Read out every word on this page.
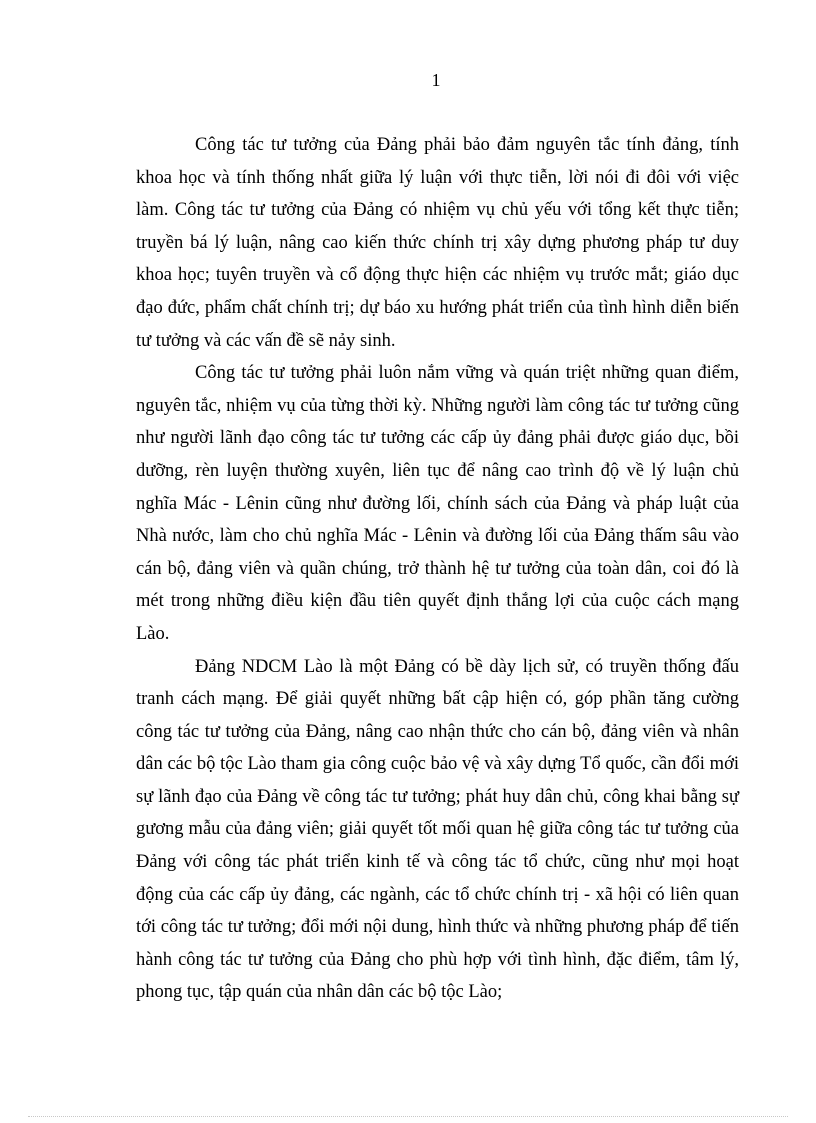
1

Công tác tư tưởng của Đảng phải bảo đảm nguyên tắc tính đảng, tính khoa học và tính thống nhất giữa lý luận với thực tiễn, lời nói đi đôi với việc làm. Công tác tư tưởng của Đảng có nhiệm vụ chủ yếu với tổng kết thực tiễn; truyền bá lý luận, nâng cao kiến thức chính trị xây dựng phương pháp tư duy khoa học; tuyên truyền và cổ động thực hiện các nhiệm vụ trước mắt; giáo dục đạo đức, phẩm chất chính trị; dự báo xu hướng phát triển của tình hình diễn biến tư tưởng và các vấn đề sẽ nảy sinh.

Công tác tư tưởng phải luôn nắm vững và quán triệt những quan điểm, nguyên tắc, nhiệm vụ của từng thời kỳ. Những người làm công tác tư tưởng cũng như người lãnh đạo công tác tư tưởng các cấp ủy đảng phải được giáo dục, bồi dưỡng, rèn luyện thường xuyên, liên tục để nâng cao trình độ về lý luận chủ nghĩa Mác - Lênin cũng như đường lối, chính sách của Đảng và pháp luật của Nhà nước, làm cho chủ nghĩa Mác - Lênin và đường lối của Đảng thấm sâu vào cán bộ, đảng viên và quần chúng, trở thành hệ tư tưởng của toàn dân, coi đó là mét trong những điều kiện đầu tiên quyết định thắng lợi của cuộc cách mạng Lào.

Đảng NDCM Lào là một Đảng có bề dày lịch sử, có truyền thống đấu tranh cách mạng. Để giải quyết những bất cập hiện có, góp phần tăng cường công tác tư tưởng của Đảng, nâng cao nhận thức cho cán bộ, đảng viên và nhân dân các bộ tộc Lào tham gia công cuộc bảo vệ và xây dựng Tổ quốc, cần đổi mới sự lãnh đạo của Đảng về công tác tư tưởng; phát huy dân chủ, công khai bằng sự gương mẫu của đảng viên; giải quyết tốt mối quan hệ giữa công tác tư tưởng của Đảng với công tác phát triển kinh tế và công tác tổ chức, cũng như mọi hoạt động của các cấp ủy đảng, các ngành, các tổ chức chính trị - xã hội có liên quan tới công tác tư tưởng; đổi mới nội dung, hình thức và những phương pháp để tiến hành công tác tư tưởng của Đảng cho phù hợp với tình hình, đặc điểm, tâm lý, phong tục, tập quán của nhân dân các bộ tộc Lào;
